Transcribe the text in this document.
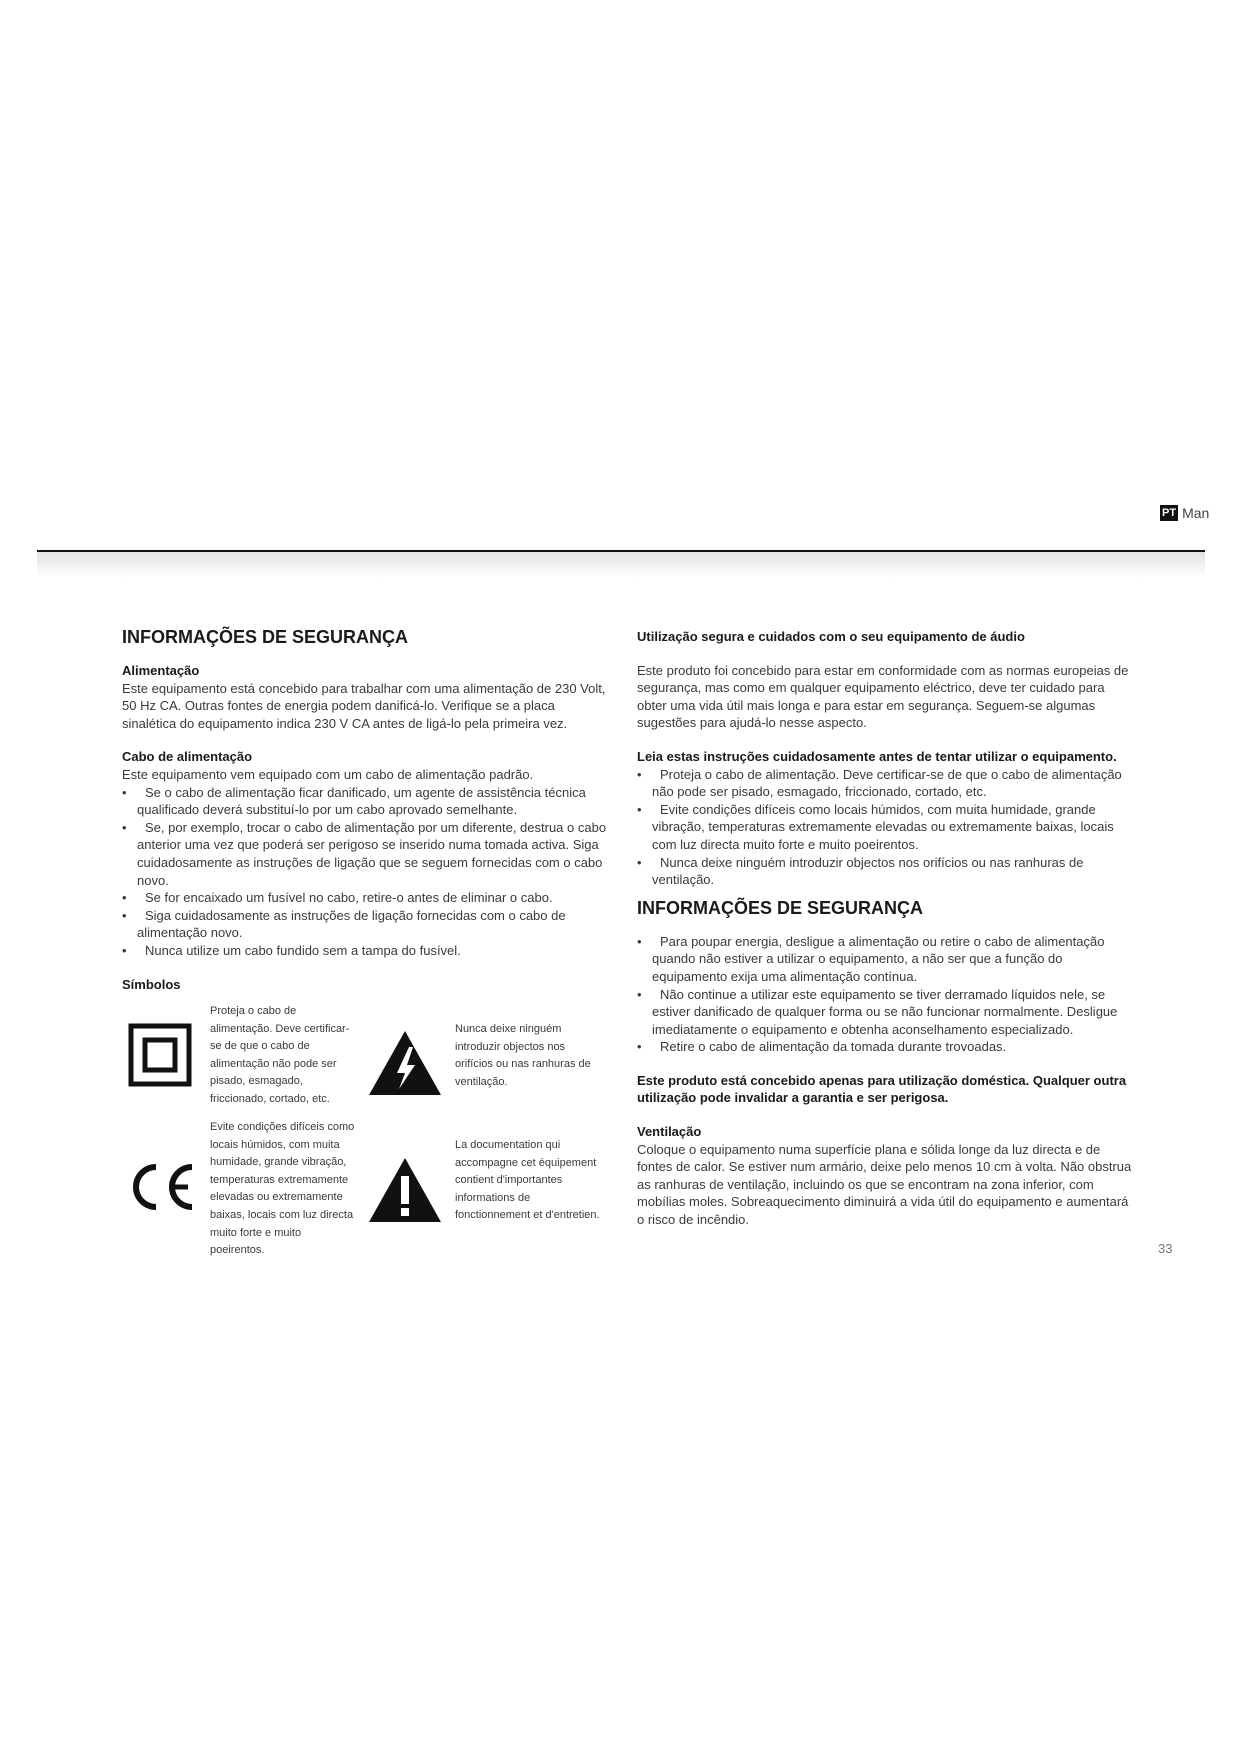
PT Man
INFORMAÇÕES DE SEGURANÇA

Alimentação

Este equipamento está concebido para trabalhar com uma alimentação de 230 Volt, 50 Hz CA. Outras fontes de energia podem danificá-lo. Verifique se a placa sinalética do equipamento indica 230 V CA antes de ligá-lo pela primeira vez.

Cabo de alimentação

Este equipamento vem equipado com um cabo de alimentação padrão.

• Se o cabo de alimentação ficar danificado, um agente de assistência técnica qualificado deverá substituí-lo por um cabo aprovado semelhante.
• Se, por exemplo, trocar o cabo de alimentação por um diferente, destrua o cabo anterior uma vez que poderá ser perigoso se inserido numa tomada activa. Siga cuidadosamente as instruções de ligação que se seguem fornecidas com o cabo novo.
• Se for encaixado um fusível no cabo, retire-o antes de eliminar o cabo.
• Siga cuidadosamente as instruções de ligação fornecidas com o cabo de alimentação novo.
• Nunca utilize um cabo fundido sem a tampa do fusível.

Símbolos

Proteja o cabo de alimentação. Deve certificar-se de que o cabo de alimentação não pode ser pisado, esmagado, friccionado, cortado, etc.
Nunca deixe ninguém introduzir objectos nos orifícios ou nas ranhuras de ventilação.
Evite condições difíceis como locais húmidos, com muita humidade, grande vibração, temperaturas extremamente elevadas ou extremamente baixas, locais com luz directa muito forte e muito poeirentos.
La documentation qui accompagne cet équipement contient d'importantes informations de fonctionnement et d'entretien.

Utilização segura e cuidados com o seu equipamento de áudio

Este produto foi concebido para estar em conformidade com as normas europeias de segurança, mas como em qualquer equipamento eléctrico, deve ter cuidado para obter uma vida útil mais longa e para estar em segurança. Seguem-se algumas sugestões para ajudá-lo nesse aspecto.

Leia estas instruções cuidadosamente antes de tentar utilizar o equipamento.

• Proteja o cabo de alimentação. Deve certificar-se de que o cabo de alimentação não pode ser pisado, esmagado, friccionado, cortado, etc.
• Evite condições difíceis como locais húmidos, com muita humidade, grande vibração, temperaturas extremamente elevadas ou extremamente baixas, locais com luz directa muito forte e muito poeirentos.
• Nunca deixe ninguém introduzir objectos nos orifícios ou nas ranhuras de ventilação.
INFORMAÇÕES DE SEGURANÇA
• Para poupar energia, desligue a alimentação ou retire o cabo de alimentação quando não estiver a utilizar o equipamento, a não ser que a função do equipamento exija uma alimentação contínua.
• Não continue a utilizar este equipamento se tiver derramado líquidos nele, se estiver danificado de qualquer forma ou se não funcionar normalmente. Desligue imediatamente o equipamento e obtenha aconselhamento especializado.
• Retire o cabo de alimentação da tomada durante trovoadas.

Este produto está concebido apenas para utilização doméstica. Qualquer outra utilização pode invalidar a garantia e ser perigosa.

Ventilação

Coloque o equipamento numa superfície plana e sólida longe da luz directa e de fontes de calor. Se estiver num armário, deixe pelo menos 10 cm à volta. Não obstrua as ranhuras de ventilação, incluindo os que se encontram na zona inferior, com mobílias moles. Sobreaquecimento diminuirá a vida útil do equipamento e aumentará o risco de incêndio.

33
